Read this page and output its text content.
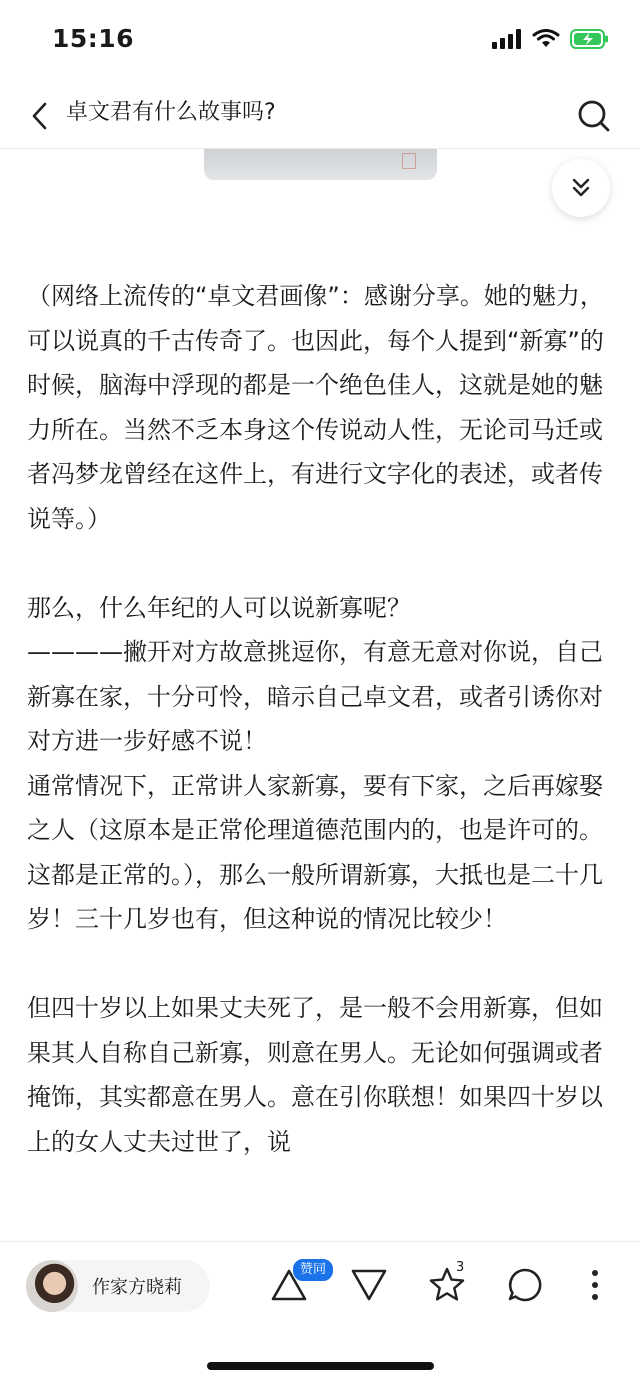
15:16
卓文君有什么故事吗?

（网络上流传的“卓文君画像”：感谢分享。她的魅力，可以说真的千古传奇了。也因此，每个人提到“新寡”的时候，脑海中浮现的都是一个绝色佳人，这就是她的魅力所在。当然不乏本身这个传说动人性，无论司马迁或者冯梦龙曾经在这件上，有进行文字化的表述，或者传说等。）

那么，什么年纪的人可以说新寡呢？

————撇开对方故意挑逗你，有意无意对你说，自己新寡在家，十分可怜，暗示自己卓文君，或者引诱你对对方进一步好感不说！

通常情况下，正常讲人家新寡，要有下家，之后再嫁娶之人（这原本是正常伦理道德范围内的，也是许可的。这都是正常的。），那么一般所谓新寡，大抵也是二十几岁！三十几岁也有，但这种说的情况比较少！

但四十岁以上如果丈夫死了，是一般不会用新寡，但如果其人自称自己新寡，则意在男人。无论如何强调或者掩饰，其实都意在男人。意在引你联想！如果四十岁以上的女人丈夫过世了，说

作家方晓莉
赞同	3
